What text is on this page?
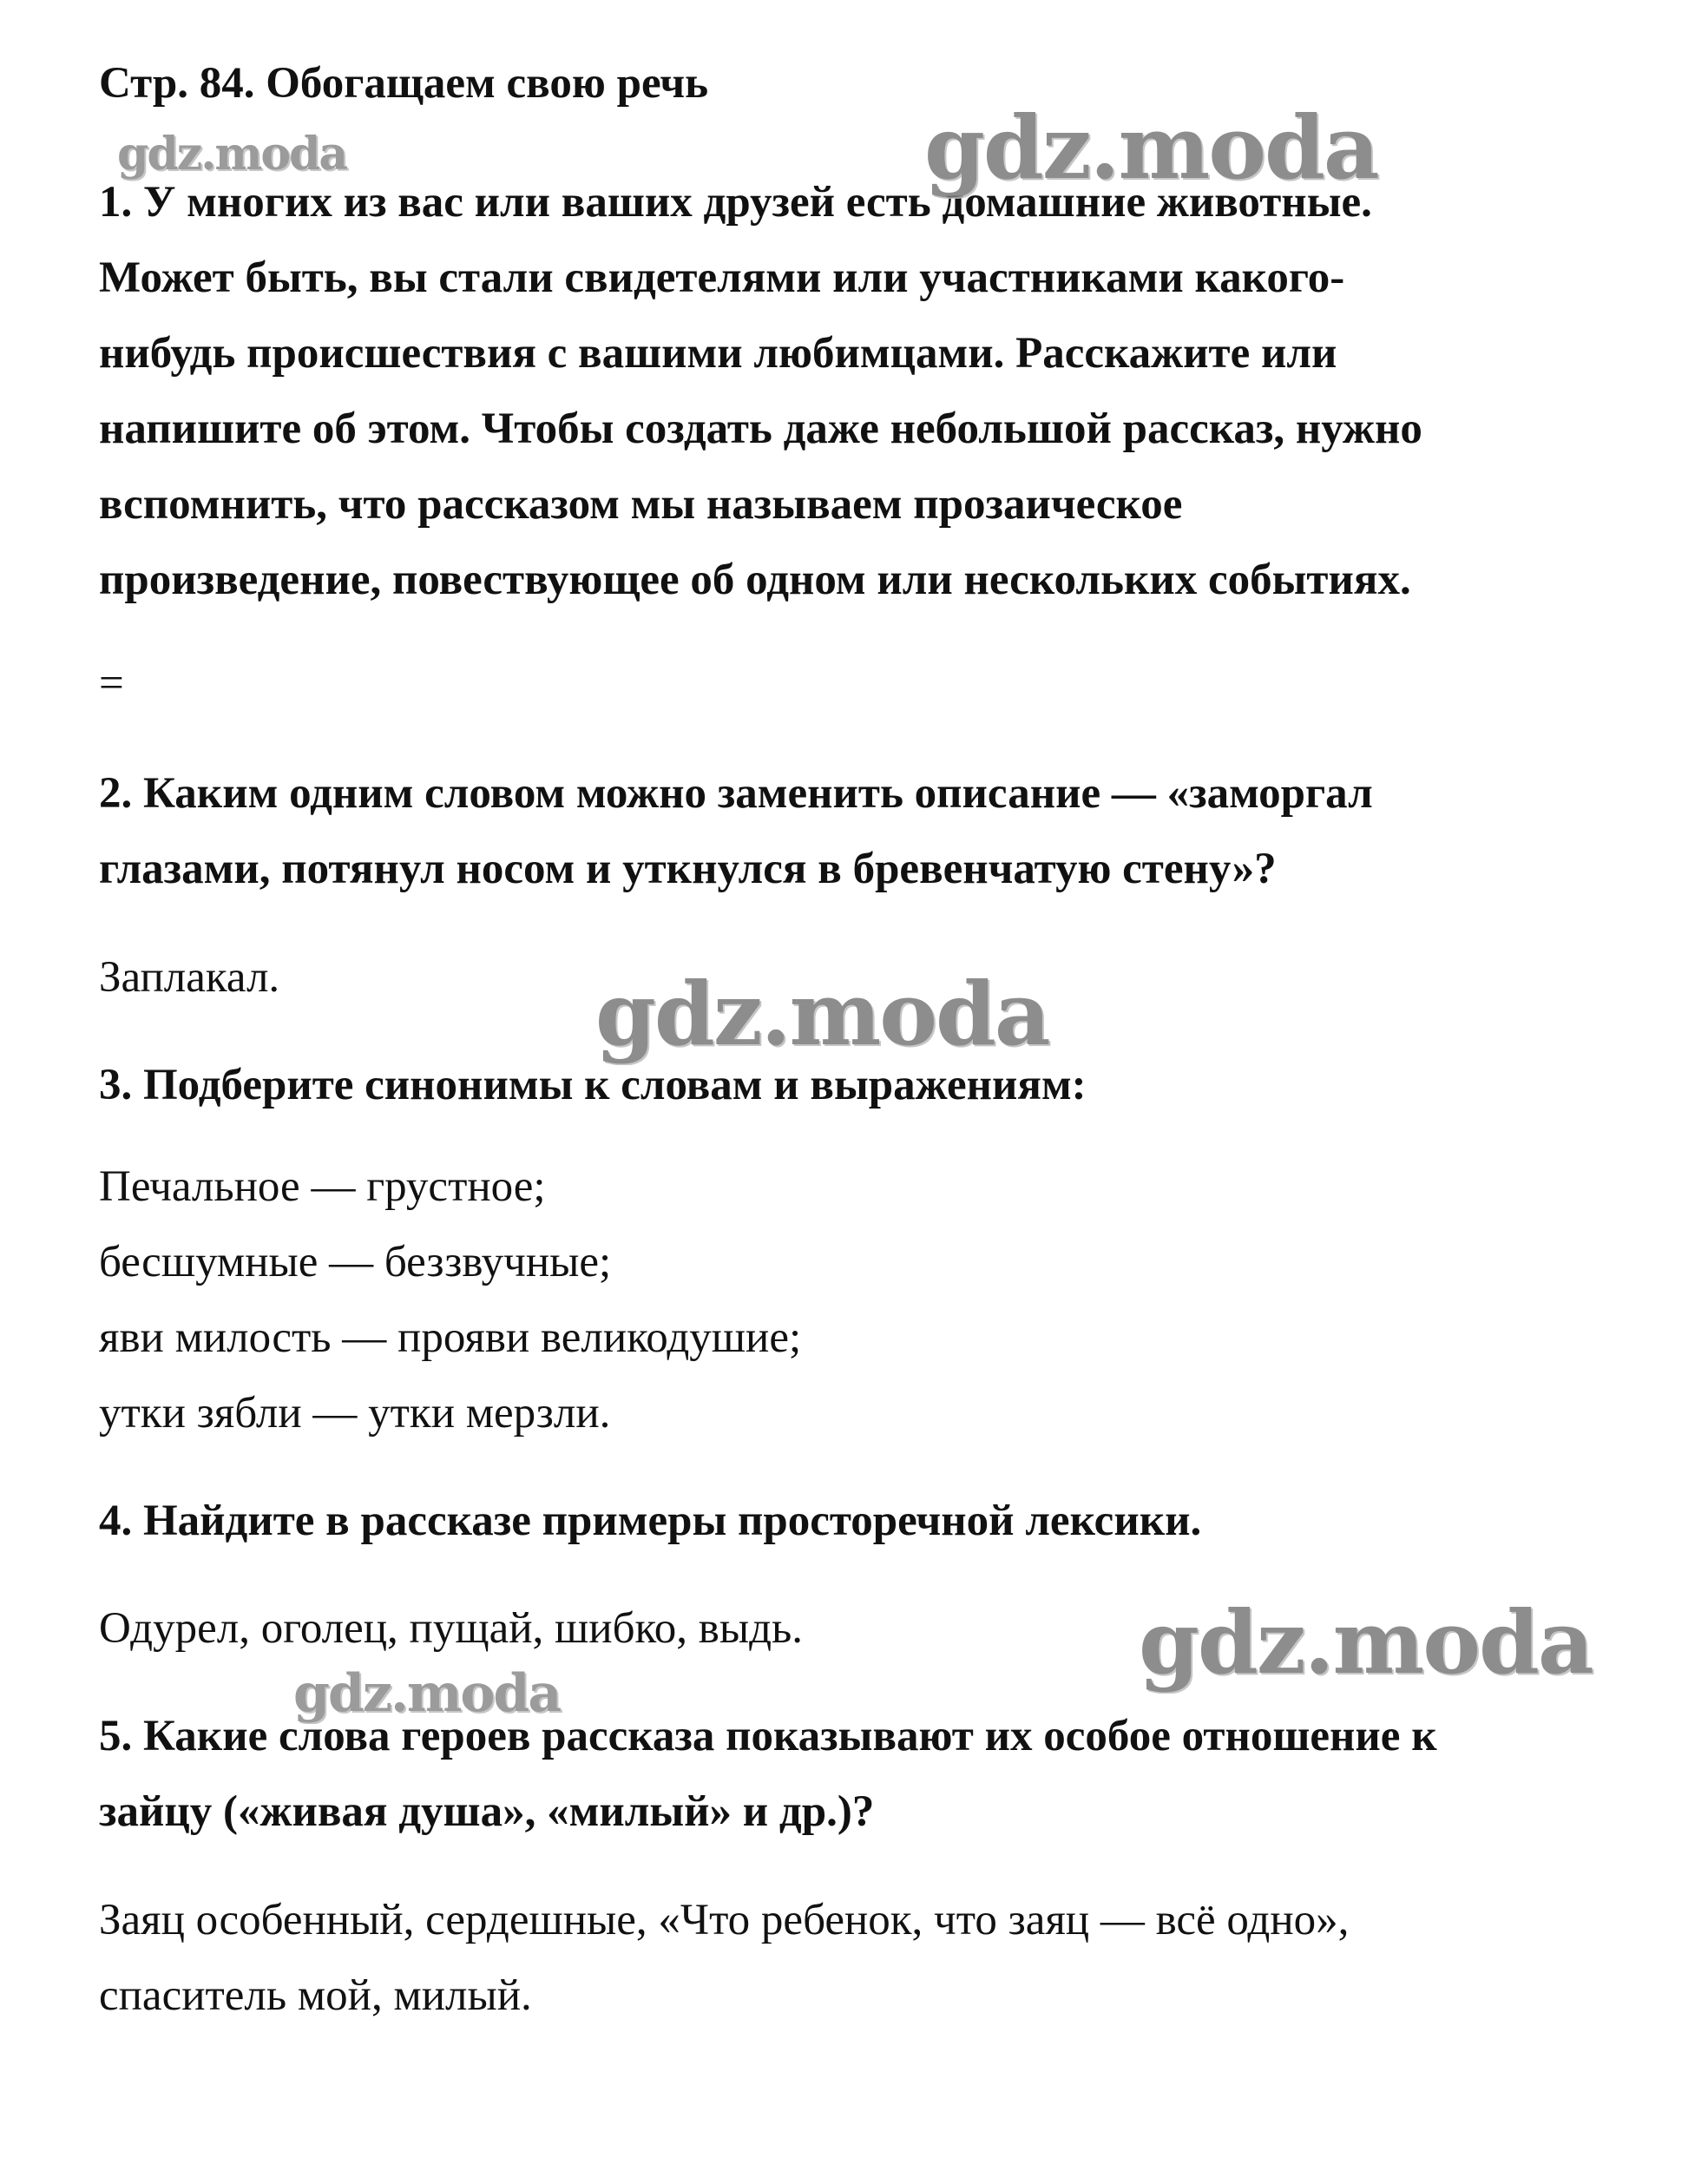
Стр. 84. Обогащаем свою речь
1. У многих из вас или ваших друзей есть домашние животные.
Может быть, вы стали свидетелями или участниками какого-
нибудь происшествия с вашими любимцами. Расскажите или
напишите об этом. Чтобы создать даже небольшой рассказ, нужно
вспомнить, что рассказом мы называем прозаическое
произведение, повествующее об одном или нескольких событиях.
=
2. Каким одним словом можно заменить описание — «заморгал
глазами, потянул носом и уткнулся в бревенчатую стену»?
Заплакал.
3. Подберите синонимы к словам и выражениям:
Печальное — грустное;
бесшумные — беззвучные;
яви милость — прояви великодушие;
утки зябли — утки мерзли.
4. Найдите в рассказе примеры просторечной лексики.
Одурел, оголец, пущай, шибко, выдь.
5. Какие слова героев рассказа показывают их особое отношение к
зайцу («живая душа», «милый» и др.)?
Заяц особенный, сердешные, «Что ребенок, что заяц — всё одно»,
спаситель мой, милый.
gdz.moda	gdz.moda
gdz.moda
gdz.moda
gdz.moda
